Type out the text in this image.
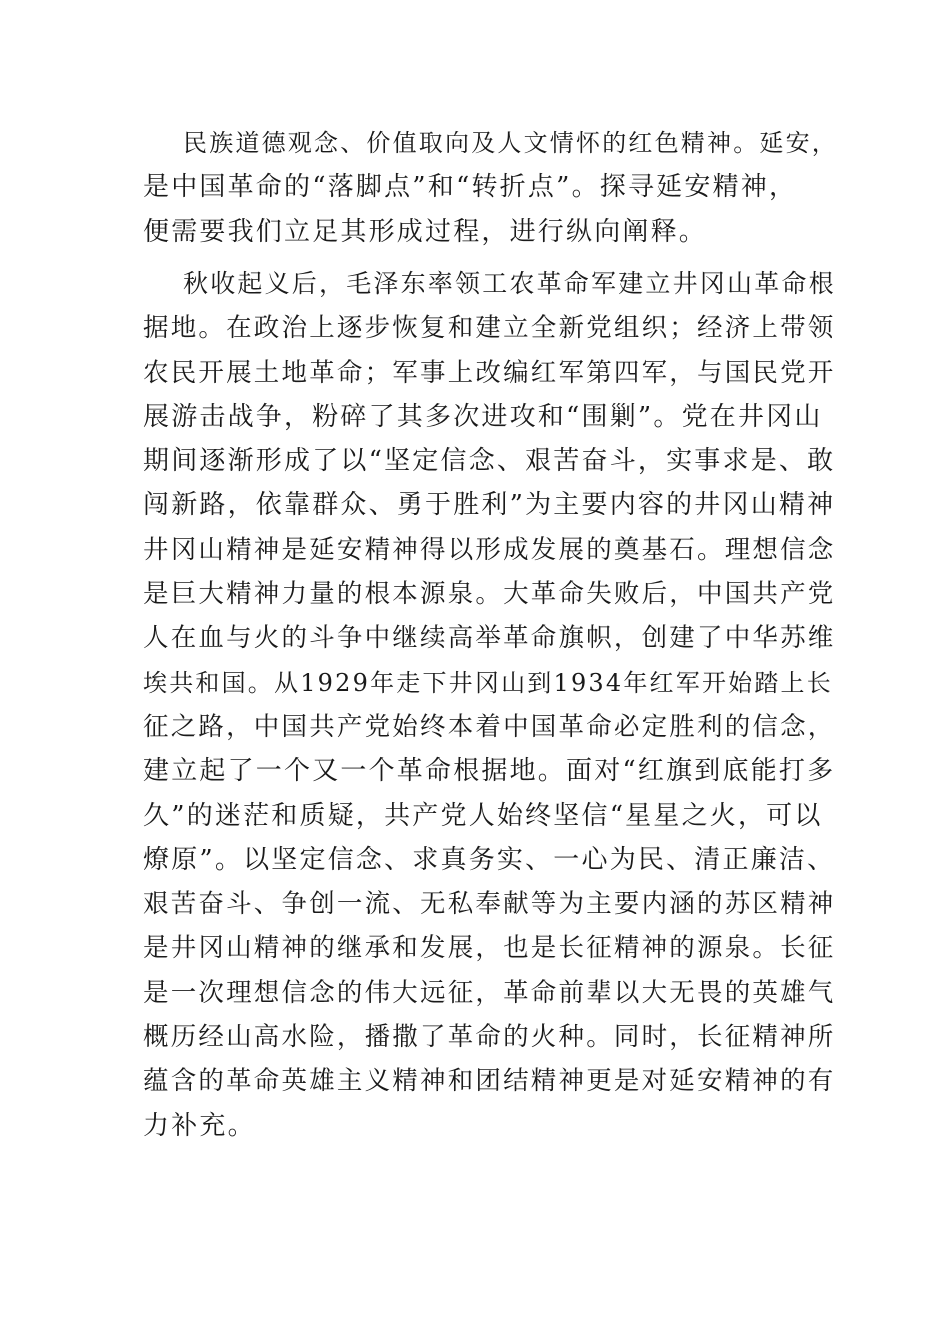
民族道德观念、价值取向及人文情怀的红色精神。延安，
是中国革命的“落脚点”和“转折点”。探寻延安精神，
便需要我们立足其形成过程，进行纵向阐释。
秋收起义后，毛泽东率领工农革命军建立井冈山革命根
据地。在政治上逐步恢复和建立全新党组织；经济上带领
农民开展土地革命；军事上改编红军第四军，与国民党开
展游击战争，粉碎了其多次进攻和“围剿”。党在井冈山
期间逐渐形成了以“坚定信念、艰苦奋斗，实事求是、敢
闯新路，依靠群众、勇于胜利”为主要内容的井冈山精神
井冈山精神是延安精神得以形成发展的奠基石。理想信念
是巨大精神力量的根本源泉。大革命失败后，中国共产党
人在血与火的斗争中继续高举革命旗帜，创建了中华苏维
埃共和国。从1929年走下井冈山到1934年红军开始踏上长
征之路，中国共产党始终本着中国革命必定胜利的信念，
建立起了一个又一个革命根据地。面对“红旗到底能打多
久”的迷茫和质疑，共产党人始终坚信“星星之火，可以
燎原”。以坚定信念、求真务实、一心为民、清正廉洁、
艰苦奋斗、争创一流、无私奉献等为主要内涵的苏区精神
是井冈山精神的继承和发展，也是长征精神的源泉。长征
是一次理想信念的伟大远征，革命前辈以大无畏的英雄气
概历经山高水险，播撒了革命的火种。同时，长征精神所
蕴含的革命英雄主义精神和团结精神更是对延安精神的有
力补充。
